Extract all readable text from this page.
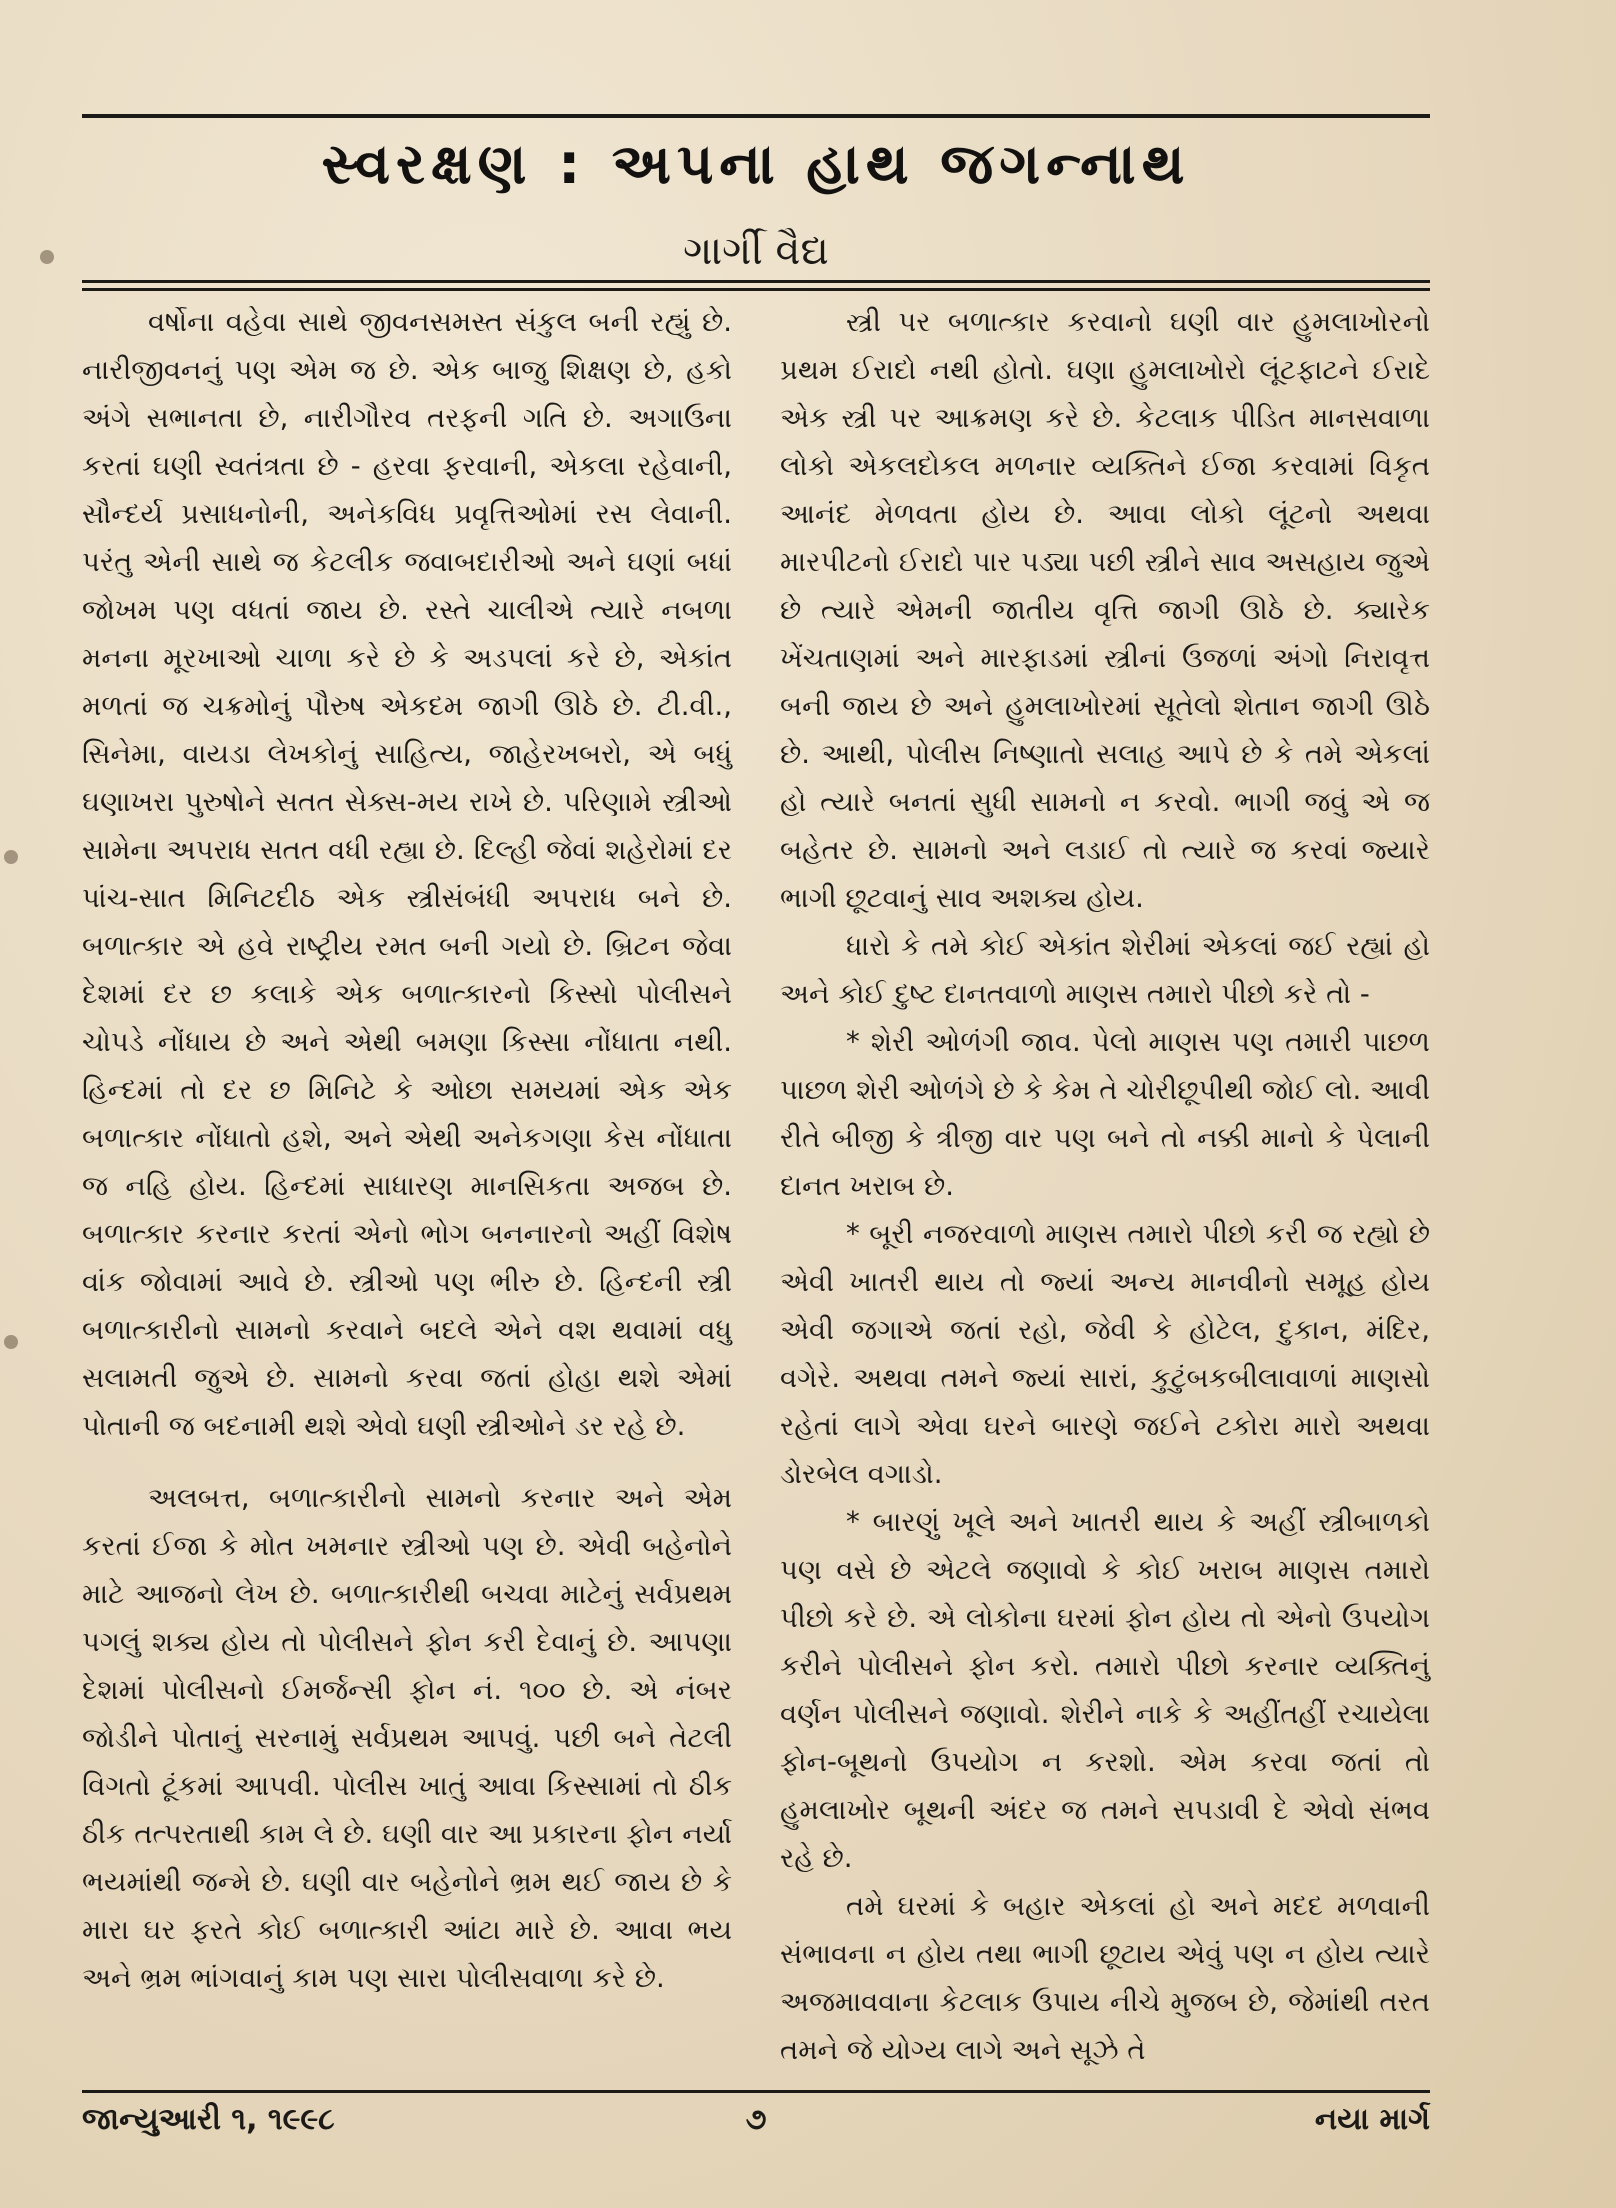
સ્વરક્ષણ : અપના હાથ જગન્નાથ
ગાર્ગી વૈદ્ય

વર્ષોના વહેવા સાથે જીવનસમસ્ત સંકુલ બની રહ્યું છે. નારીજીવનનું પણ એમ જ છે. એક બાજુ શિક્ષણ છે, હકો અંગે સભાનતા છે, નારીગૌરવ તરફની ગતિ છે. અગાઉના કરતાં ઘણી સ્વતંત્રતા છે - હરવા ફરવાની, એકલા રહેવાની, સૌન્દર્ય પ્રસાધનોની, અનેકવિધ પ્રવૃત્તિઓમાં રસ લેવાની. પરંતુ એની સાથે જ કેટલીક જવાબદારીઓ અને ઘણાં બધાં જોખમ પણ વધતાં જાય છે. રસ્તે ચાલીએ ત્યારે નબળા મનના મૂરખાઓ ચાળા કરે છે કે અડપલાં કરે છે, એકાંત મળતાં જ ચક્રમોનું પૌરુષ એકદમ જાગી ઊઠે છે. ટી.વી., સિનેમા, વાયડા લેખકોનું સાહિત્ય, જાહેરખબરો, એ બધું ઘણાખરા પુરુષોને સતત સેક્સ-મય રાખે છે. પરિણામે સ્ત્રીઓ સામેના અપરાધ સતત વધી રહ્યા છે. દિલ્હી જેવાં શહેરોમાં દર પાંચ-સાત મિનિટદીઠ એક સ્ત્રીસંબંધી અપરાધ બને છે. બળાત્કાર એ હવે રાષ્ટ્રીય રમત બની ગયો છે. બ્રિટન જેવા દેશમાં દર છ કલાકે એક બળાત્કારનો કિસ્સો પોલીસને ચોપડે નોંધાય છે અને એથી બમણા કિસ્સા નોંધાતા નથી. હિન્દમાં તો દર છ મિનિટે કે ઓછા સમયમાં એક એક બળાત્કાર નોંધાતો હશે, અને એથી અનેકગણા કેસ નોંધાતા જ નહિ હોય. હિન્દમાં સાધારણ માનસિકતા અજબ છે. બળાત્કાર કરનાર કરતાં એનો ભોગ બનનારનો અહીં વિશેષ વાંક જોવામાં આવે છે. સ્ત્રીઓ પણ ભીરુ છે. હિન્દની સ્ત્રી બળાત્કારીનો સામનો કરવાને બદલે એને વશ થવામાં વધુ સલામતી જુએ છે. સામનો કરવા જતાં હોહા થશે એમાં પોતાની જ બદનામી થશે એવો ઘણી સ્ત્રીઓને ડર રહે છે.

અલબત્ત, બળાત્કારીનો સામનો કરનાર અને એમ કરતાં ઈજા કે મોત ખમનાર સ્ત્રીઓ પણ છે. એવી બહેનોને માટે આજનો લેખ છે. બળાત્કારીથી બચવા માટેનું સર્વપ્રથમ પગલું શક્ય હોય તો પોલીસને ફોન કરી દેવાનું છે. આપણા દેશમાં પોલીસનો ઈમર્જન્સી ફોન નં. ૧૦૦ છે. એ નંબર જોડીને પોતાનું સરનામું સર્વપ્રથમ આપવું. પછી બને તેટલી વિગતો ટૂંકમાં આપવી. પોલીસ ખાતું આવા કિસ્સામાં તો ઠીક ઠીક તત્પરતાથી કામ લે છે. ઘણી વાર આ પ્રકારના ફોન નર્યા ભયમાંથી જન્મે છે. ઘણી વાર બહેનોને ભ્રમ થઈ જાય છે કે મારા ઘર ફરતે કોઈ બળાત્કારી આંટા મારે છે. આવા ભય અને ભ્રમ ભાંગવાનું કામ પણ સારા પોલીસવાળા કરે છે.

સ્ત્રી પર બળાત્કાર કરવાનો ઘણી વાર હુમલાખોરનો પ્રથમ ઈરાદો નથી હોતો. ઘણા હુમલાખોરો લૂંટફાટને ઈરાદે એક સ્ત્રી પર આક્રમણ કરે છે. કેટલાક પીડિત માનસવાળા લોકો એકલદોકલ મળનાર વ્યક્તિને ઈજા કરવામાં વિકૃત આનંદ મેળવતા હોય છે. આવા લોકો લૂંટનો અથવા મારપીટનો ઈરાદો પાર પડ્યા પછી સ્ત્રીને સાવ અસહાય જુએ છે ત્યારે એમની જાતીય વૃત્તિ જાગી ઊઠે છે. ક્યારેક ખેંચતાણમાં અને મારફાડમાં સ્ત્રીનાં ઉજળાં અંગો નિરાવૃત્ત બની જાય છે અને હુમલાખોરમાં સૂતેલો શેતાન જાગી ઊઠે છે. આથી, પોલીસ નિષ્ણાતો સલાહ આપે છે કે તમે એકલાં હો ત્યારે બનતાં સુધી સામનો ન કરવો. ભાગી જવું એ જ બહેતર છે. સામનો અને લડાઈ તો ત્યારે જ કરવાં જ્યારે ભાગી છૂટવાનું સાવ અશક્ય હોય.

ધારો કે તમે કોઈ એકાંત શેરીમાં એકલાં જઈ રહ્યાં હો અને કોઈ દુષ્ટ દાનતવાળો માણસ તમારો પીછો કરે તો -

* શેરી ઓળંગી જાવ. પેલો માણસ પણ તમારી પાછળ પાછળ શેરી ઓળંગે છે કે કેમ તે ચોરીછૂપીથી જોઈ લો. આવી રીતે બીજી કે ત્રીજી વાર પણ બને તો નક્કી માનો કે પેલાની દાનત ખરાબ છે.

* બૂરી નજરવાળો માણસ તમારો પીછો કરી જ રહ્યો છે એવી ખાતરી થાય તો જ્યાં અન્ય માનવીનો સમૂહ હોય એવી જગાએ જતાં રહો, જેવી કે હોટેલ, દુકાન, મંદિર, વગેરે. અથવા તમને જ્યાં સારાં, કુટુંબકબીલાવાળાં માણસો રહેતાં લાગે એવા ઘરને બારણે જઈને ટકોરા મારો અથવા ડોરબેલ વગાડો.

* બારણું ખૂલે અને ખાતરી થાય કે અહીં સ્ત્રીબાળકો પણ વસે છે એટલે જણાવો કે કોઈ ખરાબ માણસ તમારો પીછો કરે છે. એ લોકોના ઘરમાં ફોન હોય તો એનો ઉપયોગ કરીને પોલીસને ફોન કરો. તમારો પીછો કરનાર વ્યક્તિનું વર્ણન પોલીસને જણાવો. શેરીને નાકે કે અહીંતહીં રચાયેલા ફોન-બૂથનો ઉપયોગ ન કરશો. એમ કરવા જતાં તો હુમલાખોર બૂથની અંદર જ તમને સપડાવી દે એવો સંભવ રહે છે.

તમે ઘરમાં કે બહાર એકલાં હો અને મદદ મળવાની સંભાવના ન હોય તથા ભાગી છૂટાય એવું પણ ન હોય ત્યારે અજમાવવાના કેટલાક ઉપાય નીચે મુજબ છે, જેમાંથી તરત તમને જે યોગ્ય લાગે અને સૂઝે તે

જાન્યુઆરી ૧, ૧૯૯૮	૭	નયા માર્ગ
